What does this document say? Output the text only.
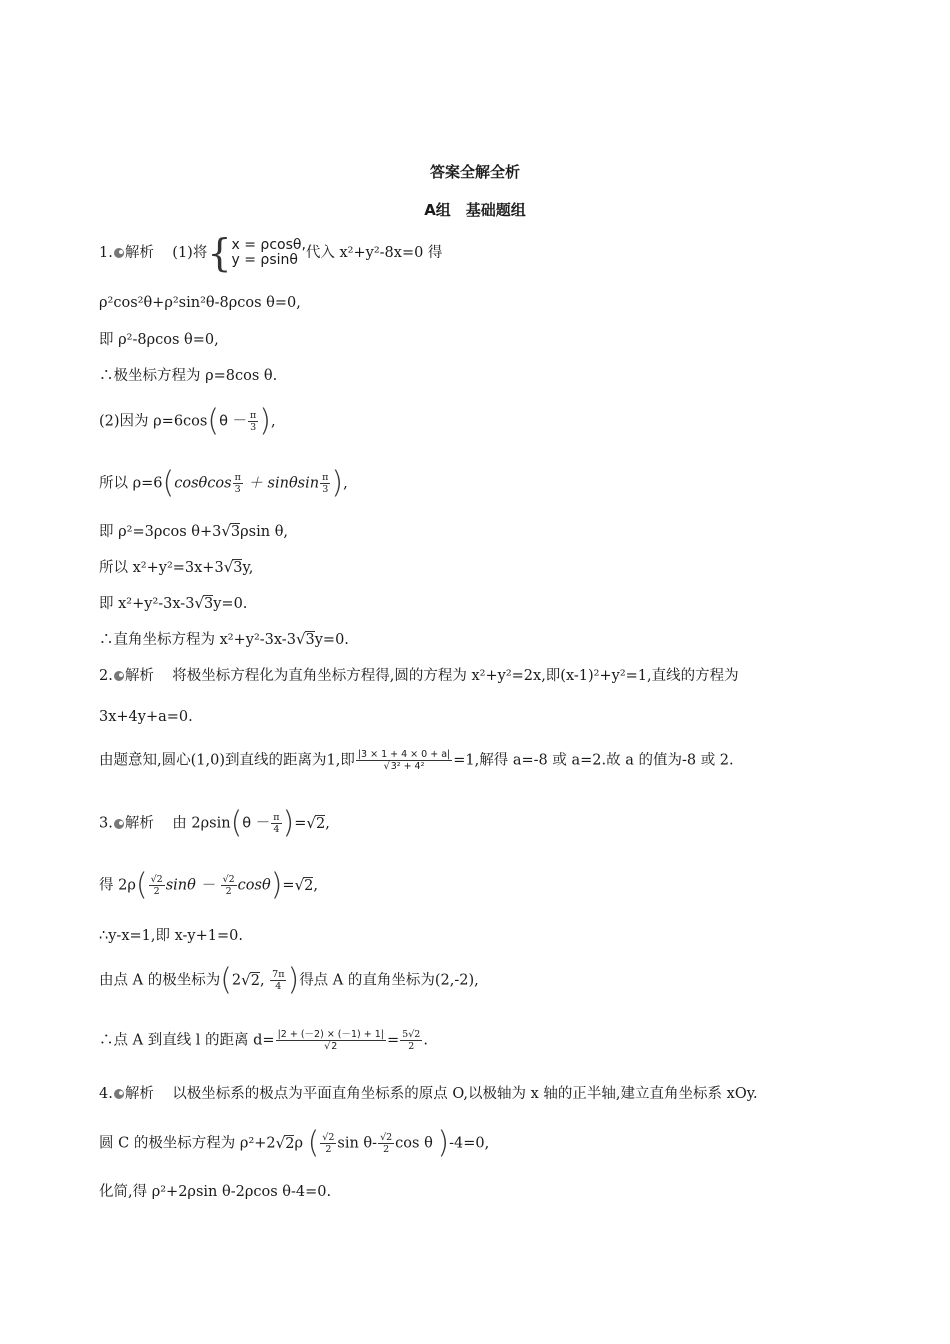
答案全解全析
A组　基础题组
1. 解析 (1)将{ x = ρcosθ,
y = ρsinθ 代入 x²+y²-8x=0 得
ρ²cos²θ+ρ²sin²θ-8ρcos θ=0,
即 ρ²-8ρcos θ=0,
∴极坐标方程为 ρ=8cos θ.
(2)因为 $\rho=6\cos(\theta - \frac{\pi}{3}$ ),
所以 $\rho=6(\cos\theta\cos \frac{\pi}{3} + \sin\theta\sin \frac{\pi}{3}$ ),
即 ρ²=3ρcos θ+3√3ρsin θ,
所以 x²+y²=3x+3√3y,
即 x²+y²-3x-3√3y=0.
∴直角坐标方程为 x²+y²-3x-3√3y=0.
2. 解析 将极坐标方程化为直角坐标方程得,圆的方程为 x²+y²=2x,即(x-1)²+y²=1,直线的方程为
3x+4y+a=0.
由题意知,圆心(1,0)到直线的距离为1,即 $\frac{|3 \times 1 + 4 \times 0 + a|}{\text{√3² + 4²}} =1$,解得 a=-8 或 a=2.故 a 的值为-8 或 2.
3. 解析 由 $2\rho\sin(\theta - \frac{\pi}{4} )=√2$,
得 $2\rho( \frac{√2}{2}$ $\sin\theta - \frac{√2}{2} \cos\theta)=√2$,
∴y-x=1,即 x-y+1=0.
由点 A 的极坐标为(2√2, $\frac{7\pi}{4}$ )得点 A 的直角坐标为(2,-2),
∴点 A 到直线 l 的距离 $d= \frac{|2 + (-2) \times (-1) + 1|}{√2} = \frac{5√2}{2}$ .
4. 解析 以极坐标系的极点为平面直角坐标系的原点 O,以极轴为 x 轴的正半轴,建立直角坐标系 xOy.
圆 C 的极坐标方程为 ρ²+2√2ρ ( $\frac{√2}{2}$ $\sin \theta- \frac{√2}{2}$ cos θ )-4=0,
化简,得 ρ²+2ρsin θ-2ρcos θ-4=0.
